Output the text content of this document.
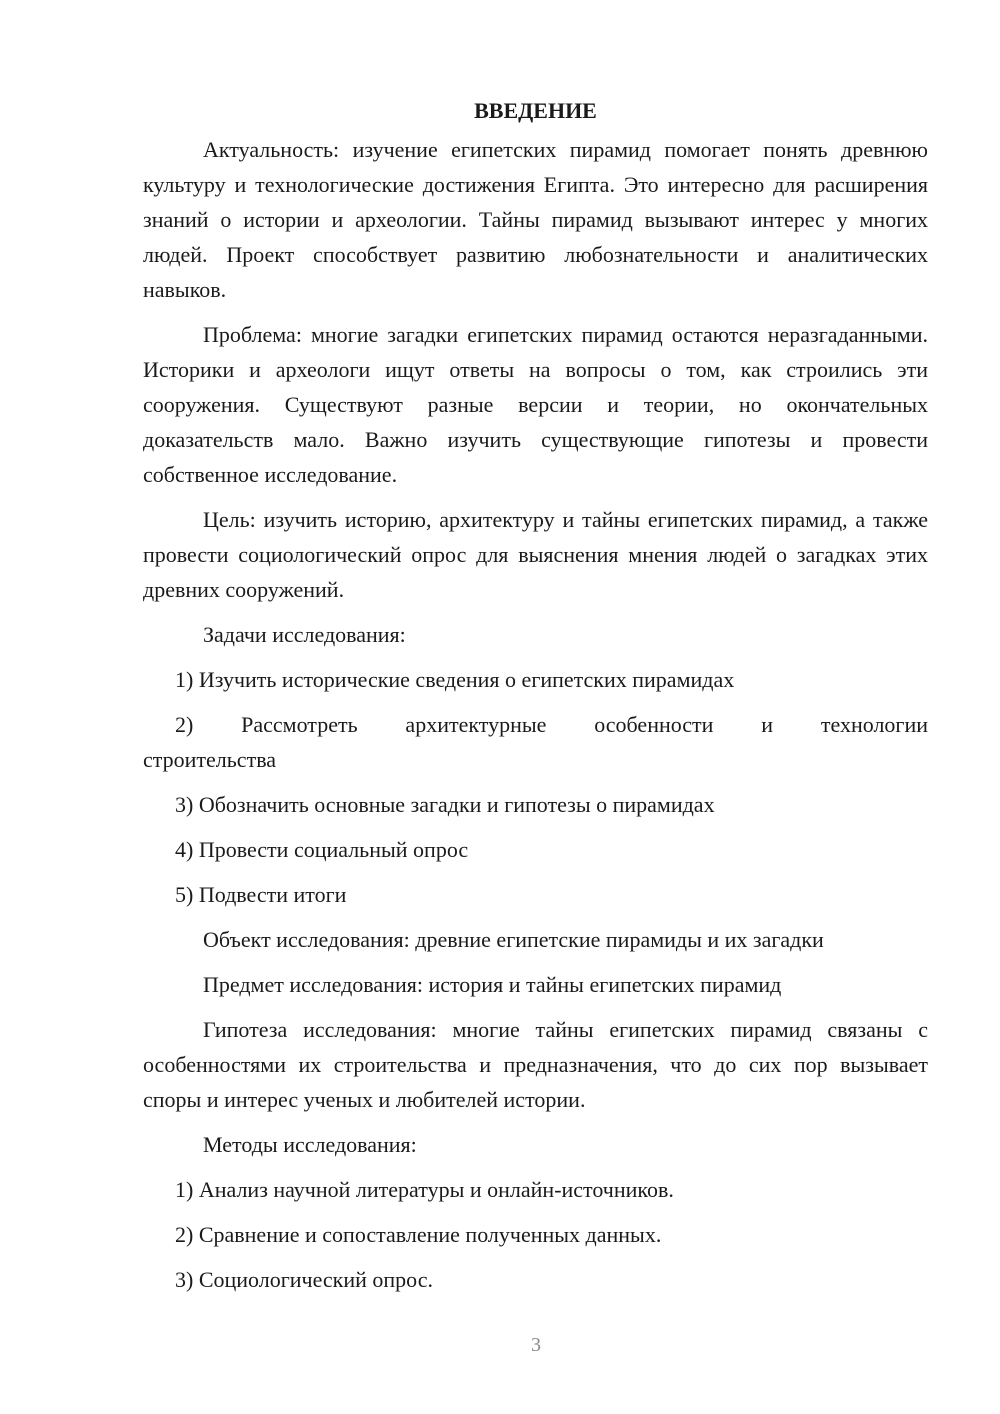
ВВЕДЕНИЕ

Актуальность: изучение египетских пирамид помогает понять древнюю культуру и технологические достижения Египта. Это интересно для расширения знаний о истории и археологии. Тайны пирамид вызывают интерес у многих людей. Проект способствует развитию любознательности и аналитических навыков.

Проблема: многие загадки египетских пирамид остаются неразгаданными. Историки и археологи ищут ответы на вопросы о том, как строились эти сооружения. Существуют разные версии и теории, но окончательных доказательств мало. Важно изучить существующие гипотезы и провести собственное исследование.

Цель: изучить историю, архитектуру и тайны египетских пирамид, а также провести социологический опрос для выяснения мнения людей о загадках этих древних сооружений.

Задачи исследования:

1) Изучить исторические сведения о египетских пирамидах

2) Рассмотреть архитектурные особенности и технологии строительства

3) Обозначить основные загадки и гипотезы о пирамидах

4) Провести социальный опрос

5) Подвести итоги

Объект исследования: древние египетские пирамиды и их загадки

Предмет исследования: история и тайны египетских пирамид

Гипотеза исследования: многие тайны египетских пирамид связаны с особенностями их строительства и предназначения, что до сих пор вызывает споры и интерес ученых и любителей истории.

Методы исследования:

1) Анализ научной литературы и онлайн-источников.

2) Сравнение и сопоставление полученных данных.

3) Социологический опрос.

3
